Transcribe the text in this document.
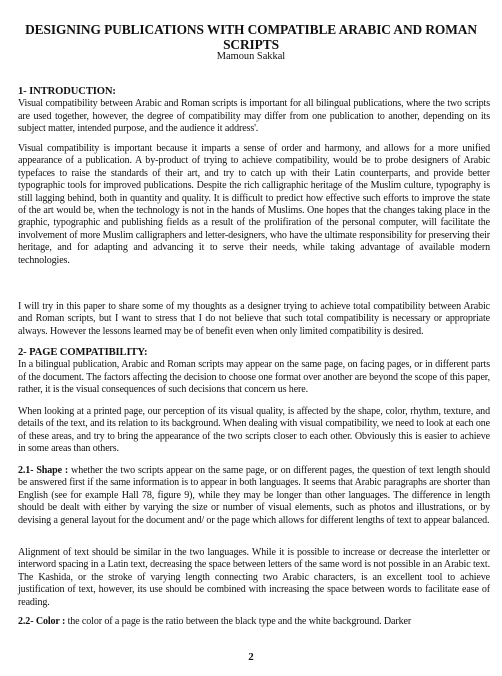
DESIGNING PUBLICATIONS WITH COMPATIBLE ARABIC AND ROMAN SCRIPTS
Mamoun Sakkal
1- INTRODUCTION:

Visual compatibility between Arabic and Roman scripts is important for all bilingual publications, where the two scripts are used together, however, the degree of compatibility may differ from one publication to another, depending on its subject matter, intended purpose, and the audience it address'.

Visual compatibility is important because it imparts a sense of order and harmony, and allows for a more unified appearance of a publication. A by-product of trying to achieve compatibility, would be to probe designers of Arabic typefaces to raise the standards of their art, and try to catch up with their Latin counterparts, and provide better typographic tools for improved publications. Despite the rich calligraphic heritage of the Muslim culture, typography is still lagging behind, both in quantity and quality. It is difficult to predict how effective such efforts to improve the state of the art would be, when the technology is not in the hands of Muslims. One hopes that the changes taking place in the graphic, typographic and publishing fields as a result of the prolifiration of the personal computer, will facilitate the involvement of more Muslim calligraphers and letter-designers, who have the ultimate responsibility for preserving their heritage, and for adapting and advancing it to serve their needs, while taking advantage of available modern technologies.

I will try in this paper to share some of my thoughts as a designer trying to achieve total compatibility between Arabic and Roman scripts, but I want to stress that I do not believe that such total compatibility is necessary or appropriate always. However the lessons learned may be of benefit even when only limited compatibility is desired.

2- PAGE COMPATIBILITY:

In a bilingual publication, Arabic and Roman scripts may appear on the same page, on facing pages, or in different parts of the document. The factors affecting the decision to choose one format over another are beyond the scope of this paper, rather, it is the visual consequences of such decisions that concern us here.

When looking at a printed page, our perception of its visual quality, is affected by the shape, color, rhythm, texture, and details of the text, and its relation to its background. When dealing with visual compatibility, we need to look at each one of these areas, and try to bring the appearance of the two scripts closer to each other. Obviously this is easier to achieve in some areas than others.

2.1- Shape : whether the two scripts appear on the same page, or on different pages, the question of text length should be answered first if the same information is to appear in both languages. It seems that Arabic paragraphs are shorter than English (see for example Hall 78, figure 9), while they may be longer than other languages. The difference in length should be dealt with either by varying the size or number of visual elements, such as photos and illustrations, or by devising a general layout for the document and/ or the page which allows for different lengths of text to appear balanced.

Alignment of text should be similar in the two languages. While it is possible to increase or decrease the interletter or interword spacing in a Latin text, decreasing the space between letters of the same word is not possible in an Arabic text. The Kashida, or the stroke of varying length connecting two Arabic characters, is an excellent tool to achieve justification of text, however, its use should be combined with increasing the space between words to facilitate ease of reading.

2.2- Color : the color of a page is the ratio between the black type and the white background. Darker

2
